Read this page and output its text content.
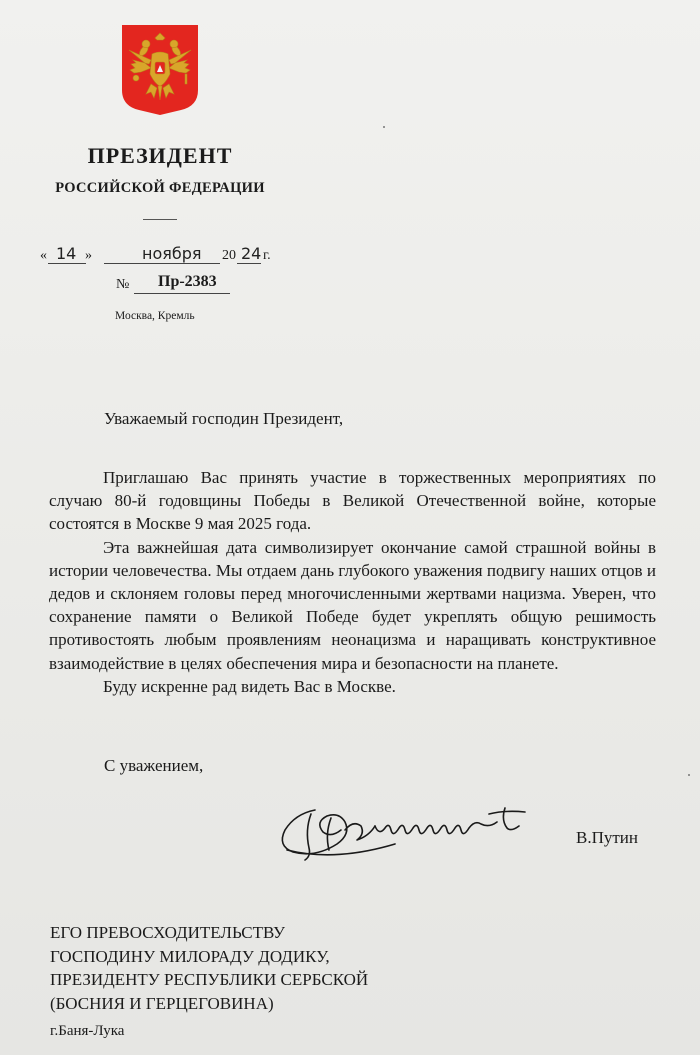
ПРЕЗИДЕНТ
РОССИЙСКОЙ ФЕДЕРАЦИИ
« 14 »	ноября 20 24 г.
№ Пр-2383
Москва, Кремль
Уважаемый господин Президент,

Приглашаю Вас принять участие в торжественных мероприятиях по случаю 80-й годовщины Победы в Великой Отечественной войне, которые состоятся в Москве 9 мая 2025 года.

Эта важнейшая дата символизирует окончание самой страшной войны в истории человечества. Мы отдаем дань глубокого уважения подвигу наших отцов и дедов и склоняем головы перед многочисленными жертвами нацизма. Уверен, что сохранение памяти о Великой Победе будет укреплять общую решимость противостоять любым проявлениям неонацизма и наращивать конструктивное взаимодействие в целях обеспечения мира и безопасности на планете.

Буду искренне рад видеть Вас в Москве.

С уважением,
В.Путин
ЕГО ПРЕВОСХОДИТЕЛЬСТВУ
ГОСПОДИНУ МИЛОРАДУ ДОДИКУ,
ПРЕЗИДЕНТУ РЕСПУБЛИКИ СЕРБСКОЙ
(БОСНИЯ И ГЕРЦЕГОВИНА)
г.Баня-Лука
